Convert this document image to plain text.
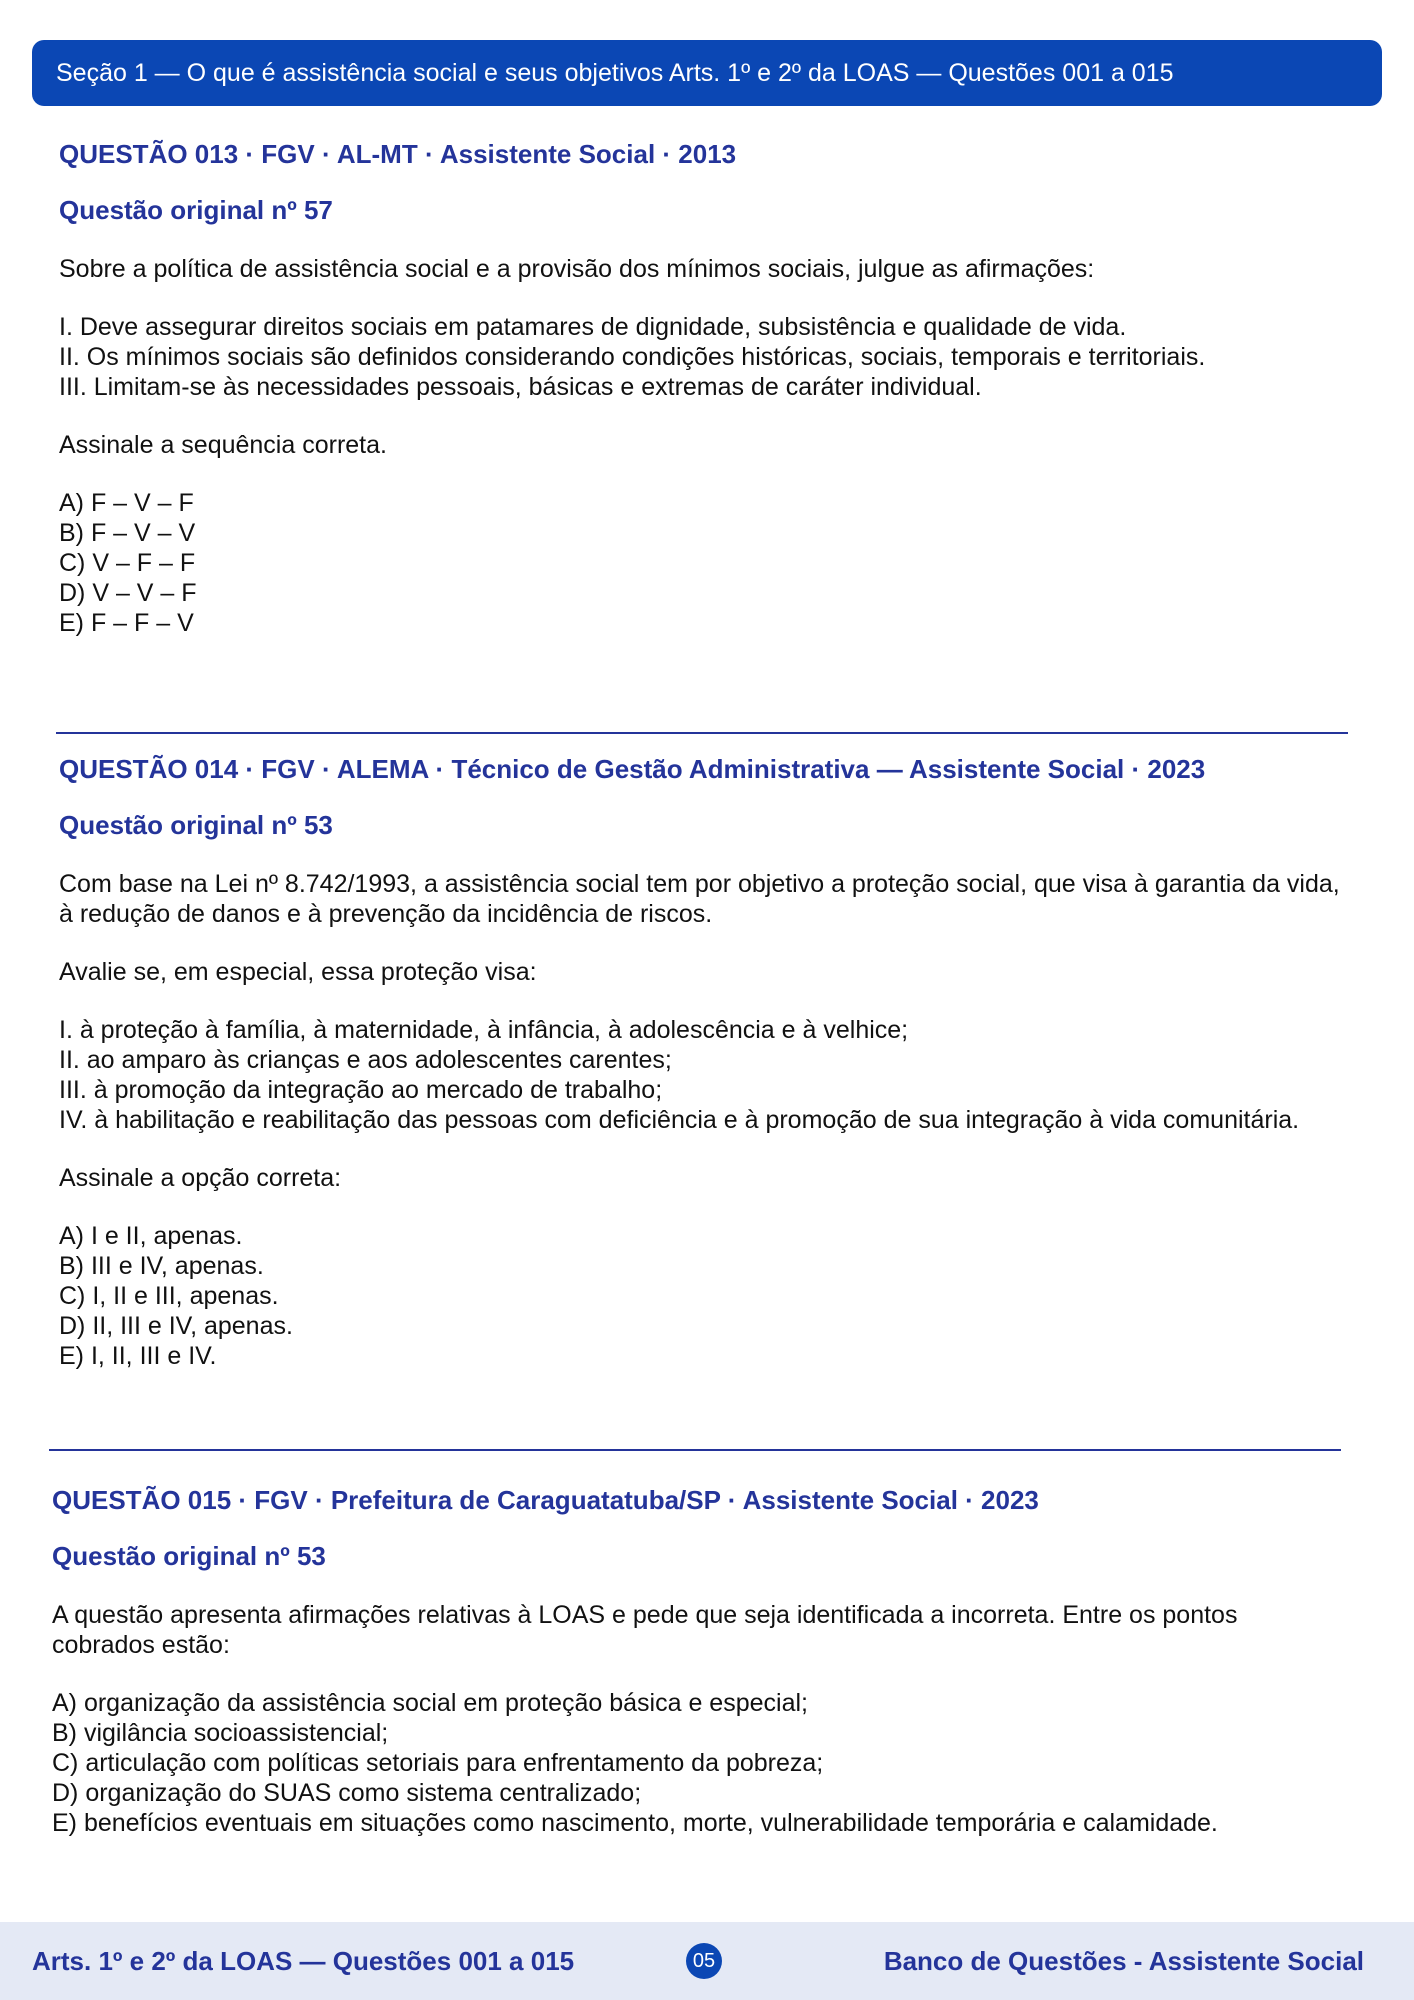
Seção 1 — O que é assistência social e seus objetivos Arts. 1º e 2º da LOAS — Questões 001 a 015

QUESTÃO 013 · FGV · AL-MT · Assistente Social · 2013

Questão original nº 57

Sobre a política de assistência social e a provisão dos mínimos sociais, julgue as afirmações:

I. Deve assegurar direitos sociais em patamares de dignidade, subsistência e qualidade de vida.
II. Os mínimos sociais são definidos considerando condições históricas, sociais, temporais e territoriais.
III. Limitam-se às necessidades pessoais, básicas e extremas de caráter individual.

Assinale a sequência correta.

A) F – V – F

B) F – V – V

C) V – F – F

D) V – V – F

E) F – F – V

QUESTÃO 014 · FGV · ALEMA · Técnico de Gestão Administrativa — Assistente Social · 2023

Questão original nº 53

Com base na Lei nº 8.742/1993, a assistência social tem por objetivo a proteção social, que visa à garantia da vida, à redução de danos e à prevenção da incidência de riscos.

Avalie se, em especial, essa proteção visa:

I. à proteção à família, à maternidade, à infância, à adolescência e à velhice;
II. ao amparo às crianças e aos adolescentes carentes;
III. à promoção da integração ao mercado de trabalho;
IV. à habilitação e reabilitação das pessoas com deficiência e à promoção de sua integração à vida comunitária.

Assinale a opção correta:

A) I e II, apenas.

B) III e IV, apenas.

C) I, II e III, apenas.

D) II, III e IV, apenas.

E) I, II, III e IV.

QUESTÃO 015 · FGV · Prefeitura de Caraguatatuba/SP · Assistente Social · 2023

Questão original nº 53

A questão apresenta afirmações relativas à LOAS e pede que seja identificada a incorreta. Entre os pontos cobrados estão:

A) organização da assistência social em proteção básica e especial;

B) vigilância socioassistencial;

C) articulação com políticas setoriais para enfrentamento da pobreza;

D) organização do SUAS como sistema centralizado;

E) benefícios eventuais em situações como nascimento, morte, vulnerabilidade temporária e calamidade.

Arts. 1º e 2º da LOAS — Questões 001 a 015	05	Banco de Questões - Assistente Social
